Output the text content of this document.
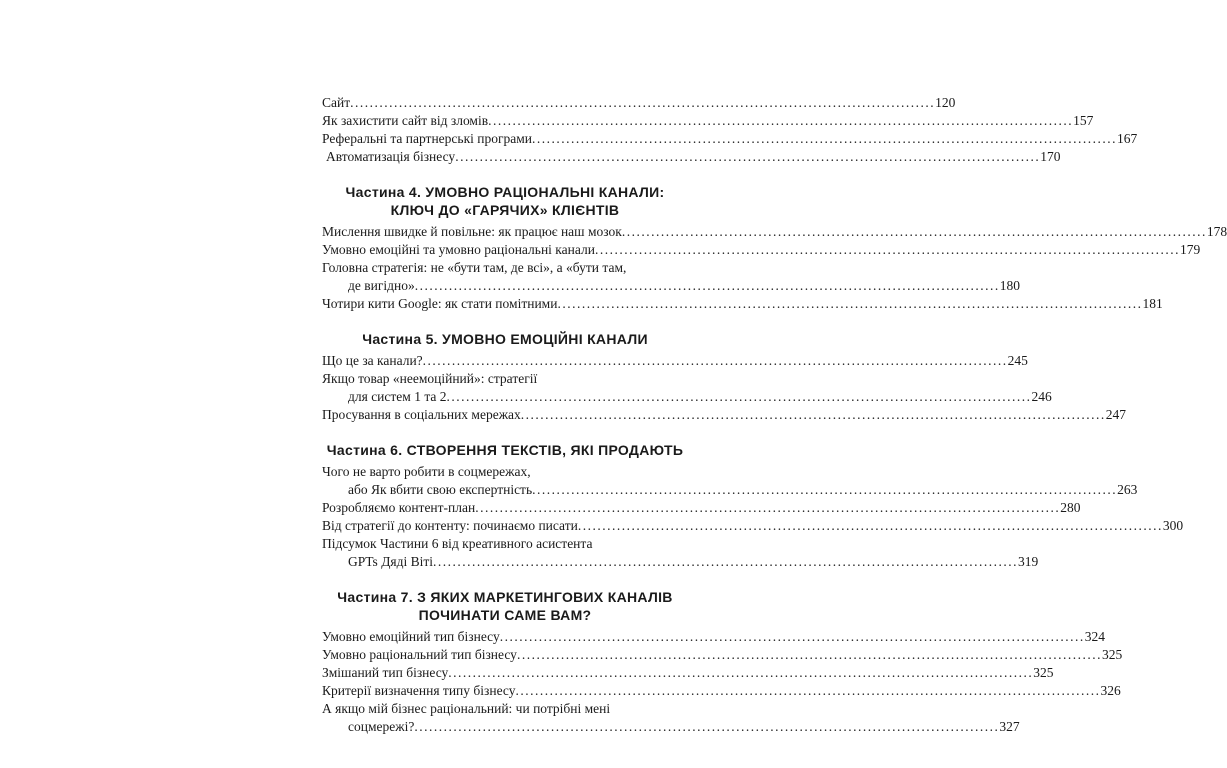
Сайт ........................................................................................................................ 120
Як захистити сайт від зломів ........................................................................................................................ 157
Реферальні та партнерські програми ........................................................................................................................ 167
Автоматизація бізнесу ........................................................................................................................ 170
Частина 4. УМОВНО РАЦІОНАЛЬНІ КАНАЛИ:
КЛЮЧ ДО «ГАРЯЧИХ» КЛІЄНТІВ
Мислення швидке й повільне: як працює наш мозок ........................................................................................................................ 178
Умовно емоційні та умовно раціональні канали ........................................................................................................................ 179
Головна стратегія: не «бути там, де всі», а «бути там,
де вигідно» ........................................................................................................................ 180
Чотири кити Google: як стати помітними ........................................................................................................................ 181
Частина 5. УМОВНО ЕМОЦІЙНІ КАНАЛИ
Що це за канали? ........................................................................................................................ 245
Якщо товар «неемоційний»: стратегії
для систем 1 та 2 ........................................................................................................................ 246
Просування в соціальних мережах ........................................................................................................................ 247
Частина 6. СТВОРЕННЯ ТЕКСТІВ, ЯКІ ПРОДАЮТЬ
Чого не варто робити в соцмережах,
або Як вбити свою експертність ........................................................................................................................ 263
Розробляємо контент-план ........................................................................................................................ 280
Від стратегії до контенту: починаємо писати ........................................................................................................................ 300
Підсумок Частини 6 від креативного асистента
GPTs Дяді Віті ........................................................................................................................ 319
Частина 7. З ЯКИХ МАРКЕТИНГОВИХ КАНАЛІВ
ПОЧИНАТИ САМЕ ВАМ?
Умовно емоційний тип бізнесу ........................................................................................................................ 324
Умовно раціональний тип бізнесу ........................................................................................................................ 325
Змішаний тип бізнесу ........................................................................................................................ 325
Критерії визначення типу бізнесу ........................................................................................................................ 326
А якщо мій бізнес раціональний: чи потрібні мені
соцмережі? ........................................................................................................................ 327
